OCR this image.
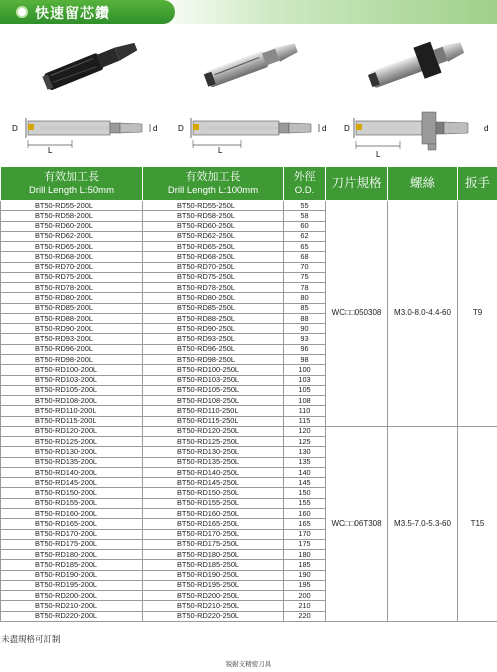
快速留芯鑽
D	d
L
D	d
L
D	d
L
有效加工長
Drill Length L:50mm	有效加工長
Drill Length L:100mm	外徑
O.D.	刀片規格	螺絲	扳手
BT50-RD55-200L	BT50-RD55-250L	55	WC□□050308	M3.0-8.0-4.4-60	T9
BT50-RD58-200L	BT50-RD58-250L	58			
BT50-RD60-200L	BT50-RD60-250L	60			
BT50-RD62-200L	BT50-RD62-250L	62			
BT50-RD65-200L	BT50-RD65-250L	65			
BT50-RD68-200L	BT50-RD68-250L	68			
BT50-RD70-200L	BT50-RD70-250L	70			
BT50-RD75-200L	BT50-RD75-250L	75			
BT50-RD78-200L	BT50-RD78-250L	78			
BT50-RD80-200L	BT50-RD80-250L	80			
BT50-RD85-200L	BT50-RD85-250L	85			
BT50-RD88-200L	BT50-RD88-250L	88			
BT50-RD90-200L	BT50-RD90-250L	90			
BT50-RD93-200L	BT50-RD93-250L	93			
BT50-RD96-200L	BT50-RD96-250L	96			
BT50-RD98-200L	BT50-RD98-250L	98			
BT50-RD100-200L	BT50-RD100-250L	100			
BT50-RD103-200L	BT50-RD103-250L	103			
BT50-RD105-200L	BT50-RD105-250L	105			
BT50-RD108-200L	BT50-RD108-250L	108			
BT50-RD110-200L	BT50-RD110-250L	110			
BT50-RD115-200L	BT50-RD115-250L	115			
BT50-RD120-200L	BT50-RD120-250L	120	WC□□06T308	M3.5-7.0-5.3-60	T15
BT50-RD125-200L	BT50-RD125-250L	125			
BT50-RD130-200L	BT50-RD130-250L	130			
BT50-RD135-200L	BT50-RD135-250L	135			
BT50-RD140-200L	BT50-RD140-250L	140			
BT50-RD145-200L	BT50-RD145-250L	145			
BT50-RD150-200L	BT50-RD150-250L	150			
BT50-RD155-200L	BT50-RD155-250L	155			
BT50-RD160-200L	BT50-RD160-250L	160			
BT50-RD165-200L	BT50-RD165-250L	165			
BT50-RD170-200L	BT50-RD170-250L	170			
BT50-RD175-200L	BT50-RD175-250L	175			
BT50-RD180-200L	BT50-RD180-250L	180			
BT50-RD185-200L	BT50-RD185-250L	185			
BT50-RD190-200L	BT50-RD190-250L	190			
BT50-RD195-200L	BT50-RD195-250L	195			
BT50-RD200-200L	BT50-RD200-250L	200			
BT50-RD210-200L	BT50-RD210-250L	210			
BT50-RD220-200L	BT50-RD220-250L	220			
未盡規格可訂制
锐耐支精密刀具
